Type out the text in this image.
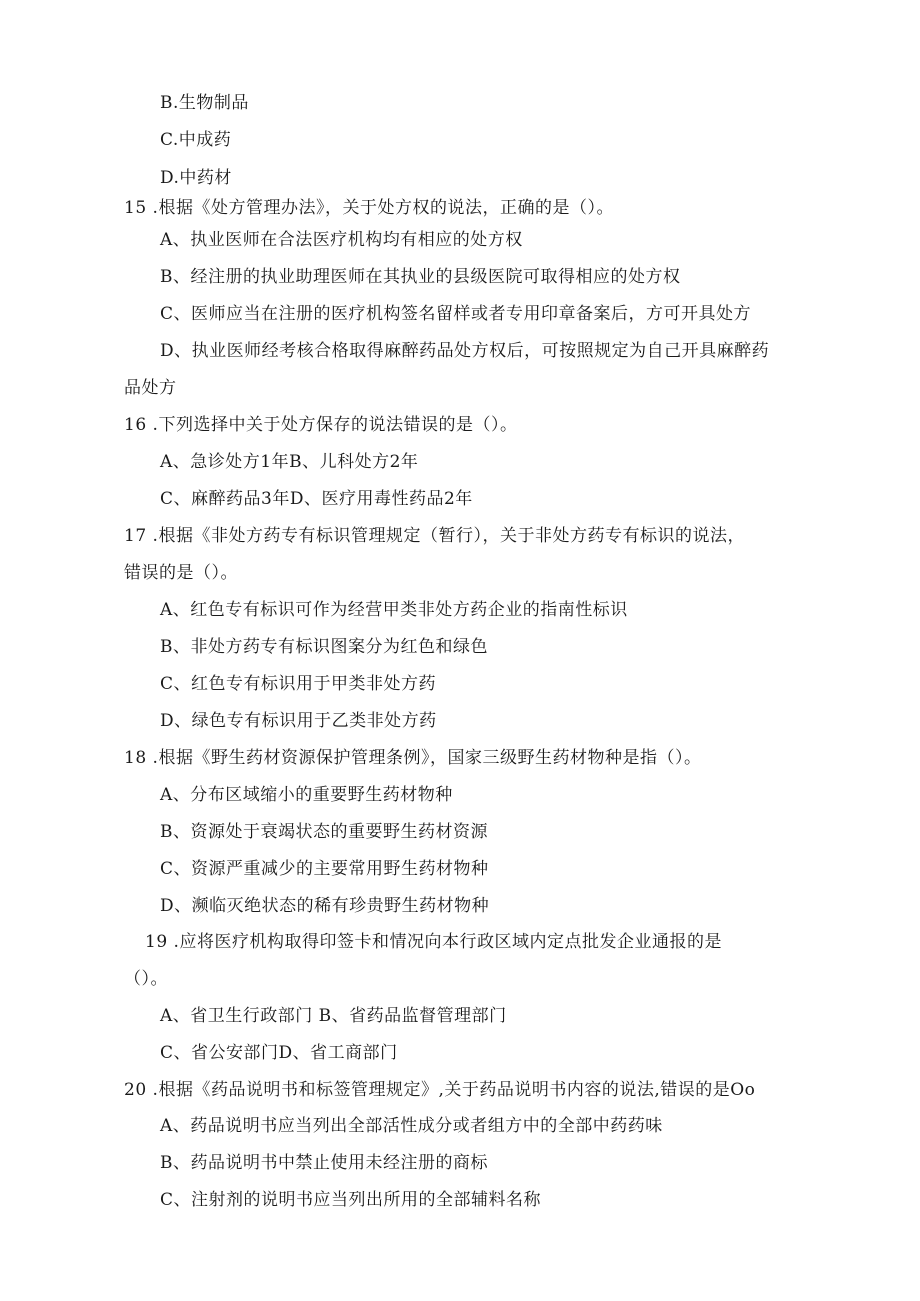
B.生物制品
C.中成药
D.中药材
15 .根据《处方管理办法》，关于处方权的说法，正确的是（）。
A、执业医师在合法医疗机构均有相应的处方权
B、经注册的执业助理医师在其执业的县级医院可取得相应的处方权
C、医师应当在注册的医疗机构签名留样或者专用印章备案后，方可开具处方
D、执业医师经考核合格取得麻醉药品处方权后，可按照规定为自己开具麻醉药
品处方
16 .下列选择中关于处方保存的说法错误的是（）。
A、急诊处方1年B、儿科处方2年
C、麻醉药品3年D、医疗用毒性药品2年
17 .根据《非处方药专有标识管理规定（暂行），关于非处方药专有标识的说法，
错误的是（）。
A、红色专有标识可作为经营甲类非处方药企业的指南性标识
B、非处方药专有标识图案分为红色和绿色
C、红色专有标识用于甲类非处方药
D、绿色专有标识用于乙类非处方药
18 .根据《野生药材资源保护管理条例》，国家三级野生药材物种是指（）。
A、分布区域缩小的重要野生药材物种
B、资源处于衰竭状态的重要野生药材资源
C、资源严重减少的主要常用野生药材物种
D、濒临灭绝状态的稀有珍贵野生药材物种
19 .应将医疗机构取得印签卡和情况向本行政区域内定点批发企业通报的是
（）。
A、省卫生行政部门 B、省药品监督管理部门
C、省公安部门D、省工商部门
20 .根据《药品说明书和标签管理规定》,关于药品说明书内容的说法,错误的是Oo
A、药品说明书应当列出全部活性成分或者组方中的全部中药药味
B、药品说明书中禁止使用未经注册的商标
C、注射剂的说明书应当列出所用的全部辅料名称
